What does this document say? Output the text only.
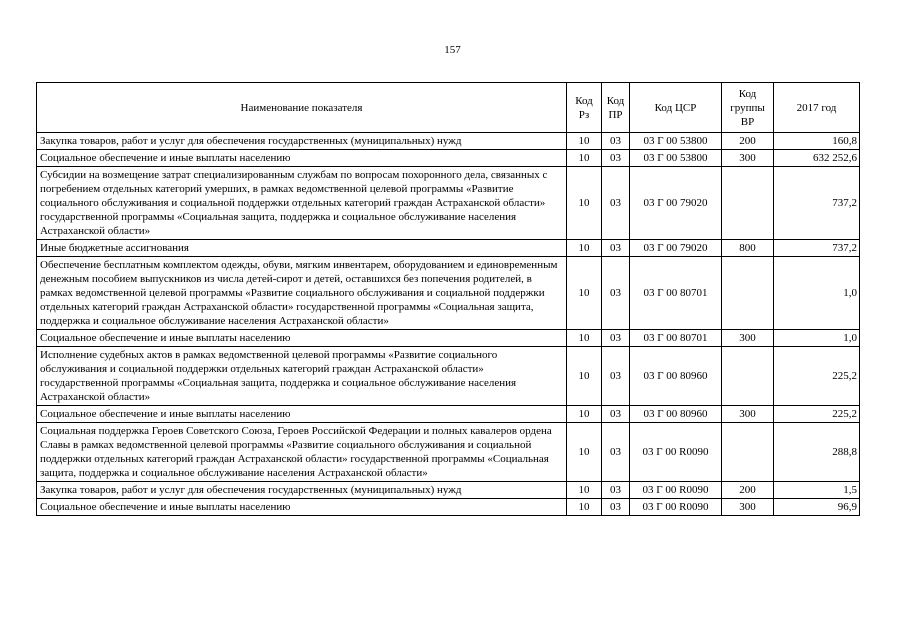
157
Наименование показателя	Код Рз	Код ПР	Код ЦСР	Код группы ВР	2017 год
Закупка товаров, работ и услуг для обеспечения государственных (муниципальных) нужд	10	03	03 Г 00 53800	200	160,8
Социальное обеспечение и иные выплаты населению	10	03	03 Г 00 53800	300	632 252,6
Субсидии на возмещение затрат специализированным службам по вопросам похоронного дела, связанных с погребением отдельных категорий умерших, в рамках ведомственной целевой программы «Развитие социального обслуживания и социальной поддержки отдельных категорий граждан Астраханской области» государственной программы «Социальная защита, поддержка и социальное обслуживание населения Астраханской области»	10	03	03 Г 00 79020		737,2
Иные бюджетные ассигнования	10	03	03 Г 00 79020	800	737,2
Обеспечение бесплатным комплектом одежды, обуви, мягким инвентарем, оборудованием и единовременным денежным пособием выпускников из числа детей-сирот и детей, оставшихся без попечения родителей, в рамках ведомственной целевой программы «Развитие социального обслуживания и социальной поддержки отдельных категорий граждан Астраханской области» государственной программы «Социальная защита, поддержка и социальное обслуживание населения Астраханской области»	10	03	03 Г 00 80701		1,0
Социальное обеспечение и иные выплаты населению	10	03	03 Г 00 80701	300	1,0
Исполнение судебных актов в рамках ведомственной целевой программы «Развитие социального обслуживания и социальной поддержки отдельных категорий граждан Астраханской области» государственной программы «Социальная защита, поддержка и социальное обслуживание населения Астраханской области»	10	03	03 Г 00 80960		225,2
Социальное обеспечение и иные выплаты населению	10	03	03 Г 00 80960	300	225,2
Социальная поддержка Героев Советского Союза, Героев Российской Федерации и полных кавалеров ордена Славы в рамках ведомственной целевой программы «Развитие социального обслуживания и социальной поддержки отдельных категорий граждан Астраханской области» государственной программы «Социальная защита, поддержка и социальное обслуживание населения Астраханской области»	10	03	03 Г 00 R0090		288,8
Закупка товаров, работ и услуг для обеспечения государственных (муниципальных) нужд	10	03	03 Г 00 R0090	200	1,5
Социальное обеспечение и иные выплаты населению	10	03	03 Г 00 R0090	300	96,9
